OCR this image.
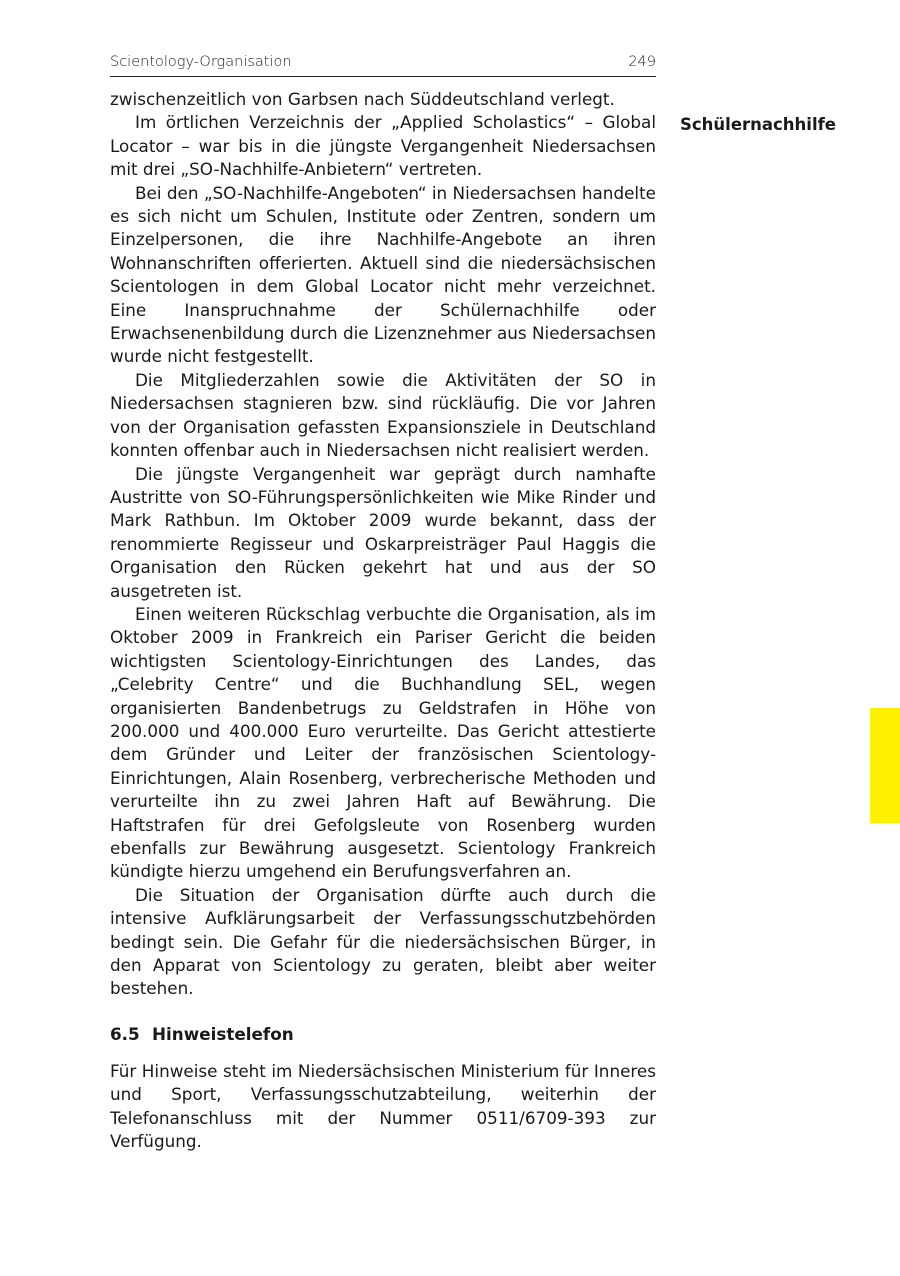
Scientology-Organisation	249
Schülernachhilfe

zwischenzeitlich von Garbsen nach Süddeutschland verlegt.

Im örtlichen Verzeichnis der „Applied Scholastics“ – Global Locator – war bis in die jüngste Vergangenheit Niedersachsen mit drei „SO-Nachhilfe-Anbietern“ vertreten.

Bei den „SO-Nachhilfe-Angeboten“ in Niedersachsen handelte es sich nicht um Schulen, Institute oder Zentren, sondern um Einzelpersonen, die ihre Nachhilfe-Angebote an ihren Wohnanschriften offerierten. Aktuell sind die niedersächsischen Scientologen in dem Global Locator nicht mehr verzeichnet. Eine Inanspruchnahme der Schülernachhilfe oder Erwachsenenbildung durch die Lizenznehmer aus Niedersachsen wurde nicht festgestellt.

Die Mitgliederzahlen sowie die Aktivitäten der SO in Niedersachsen stagnieren bzw. sind rückläufig. Die vor Jahren von der Organisation gefassten Expansionsziele in Deutschland konnten offenbar auch in Niedersachsen nicht realisiert werden.

Die jüngste Vergangenheit war geprägt durch namhafte Austritte von SO-Führungspersönlichkeiten wie Mike Rinder und Mark Rathbun. Im Oktober 2009 wurde bekannt, dass der renommierte Regisseur und Oskarpreisträger Paul Haggis die Organisation den Rücken gekehrt hat und aus der SO ausgetreten ist.

Einen weiteren Rückschlag verbuchte die Organisation, als im Oktober 2009 in Frankreich ein Pariser Gericht die beiden wichtigsten Scientology-Einrichtungen des Landes, das „Celebrity Centre“ und die Buchhandlung SEL, wegen organisierten Bandenbetrugs zu Geldstrafen in Höhe von 200.000 und 400.000 Euro verurteilte. Das Gericht attestierte dem Gründer und Leiter der französischen Scientology-Einrichtungen, Alain Rosenberg, verbrecherische Methoden und verurteilte ihn zu zwei Jahren Haft auf Bewährung. Die Haftstrafen für drei Gefolgsleute von Rosenberg wurden ebenfalls zur Bewährung ausgesetzt. Scientology Frankreich kündigte hierzu umgehend ein Berufungsverfahren an.

Die Situation der Organisation dürfte auch durch die intensive Aufklärungsarbeit der Verfassungsschutzbehörden bedingt sein. Die Gefahr für die niedersächsischen Bürger, in den Apparat von Scientology zu geraten, bleibt aber weiter bestehen.

6.5 Hinweistelefon

Für Hinweise steht im Niedersächsischen Ministerium für Inneres und Sport, Verfassungsschutzabteilung, weiterhin der Telefonanschluss mit der Nummer 0511/6709-393 zur Verfügung.
